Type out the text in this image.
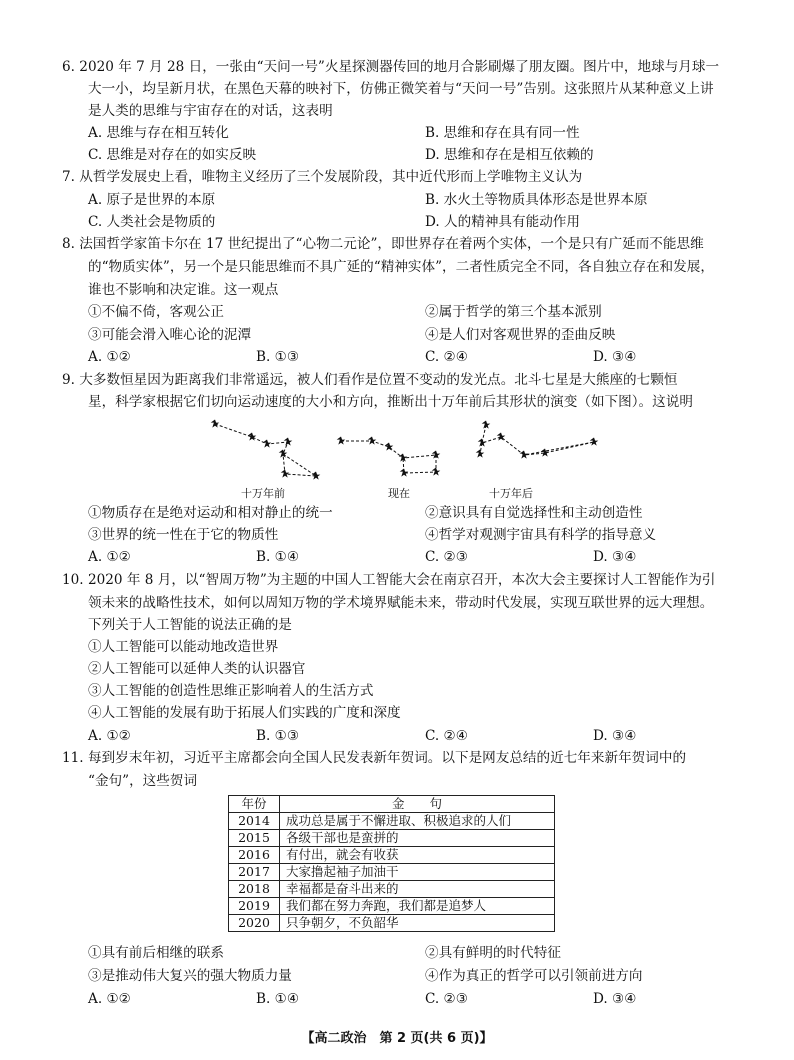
6. 2020 年 7 月 28 日，一张由“天问一号”火星探测器传回的地月合影刷爆了朋友圈。图片中，地球与月球一
大一小，均呈新月状，在黑色天幕的映衬下，仿佛正微笑着与“天问一号”告别。这张照片从某种意义上讲
是人类的思维与宇宙存在的对话，这表明
A. 思维与存在相互转化	B. 思维和存在具有同一性
C. 思维是对存在的如实反映	D. 思维和存在是相互依赖的
7. 从哲学发展史上看，唯物主义经历了三个发展阶段，其中近代形而上学唯物主义认为
A. 原子是世界的本原	B. 水火土等物质具体形态是世界本原
C. 人类社会是物质的	D. 人的精神具有能动作用
8. 法国哲学家笛卡尔在 17 世纪提出了“心物二元论”，即世界存在着两个实体，一个是只有广延而不能思维
的“物质实体”，另一个是只能思维而不具广延的“精神实体”，二者性质完全不同，各自独立存在和发展，
谁也不影响和决定谁。这一观点
①不偏不倚，客观公正	②属于哲学的第三个基本派别
③可能会滑入唯心论的泥潭	④是人们对客观世界的歪曲反映
A. ①②	B. ①③	C. ②④	D. ③④
9. 大多数恒星因为距离我们非常遥远，被人们看作是位置不变动的发光点。北斗七星是大熊座的七颗恒
星，科学家根据它们切向运动速度的大小和方向，推断出十万年前后其形状的演变（如下图）。这说明
十万年前	现在	十万年后
①物质存在是绝对运动和相对静止的统一	②意识具有自觉选择性和主动创造性
③世界的统一性在于它的物质性	④哲学对观测宇宙具有科学的指导意义
A. ①②	B. ①④	C. ②③	D. ③④
10. 2020 年 8 月，以“智周万物”为主题的中国人工智能大会在南京召开，本次大会主要探讨人工智能作为引
领未来的战略性技术，如何以周知万物的学术境界赋能未来，带动时代发展，实现互联世界的远大理想。
下列关于人工智能的说法正确的是
①人工智能可以能动地改造世界
②人工智能可以延伸人类的认识器官
③人工智能的创造性思维正影响着人的生活方式
④人工智能的发展有助于拓展人们实践的广度和深度
A. ①②	B. ①③	C. ②④	D. ③④
11. 每到岁末年初，习近平主席都会向全国人民发表新年贺词。以下是网友总结的近七年来新年贺词中的
“金句”，这些贺词
年份	金　　句
2014	成功总是属于不懈进取、积极追求的人们
2015	各级干部也是蛮拼的
2016	有付出，就会有收获
2017	大家撸起袖子加油干
2018	幸福都是奋斗出来的
2019	我们都在努力奔跑，我们都是追梦人
2020	只争朝夕，不负韶华
①具有前后相继的联系	②具有鲜明的时代特征
③是推动伟大复兴的强大物质力量	④作为真正的哲学可以引领前进方向
A. ①②	B. ①④	C. ②③	D. ③④
【高二政治　第 2 页(共 6 页)】
